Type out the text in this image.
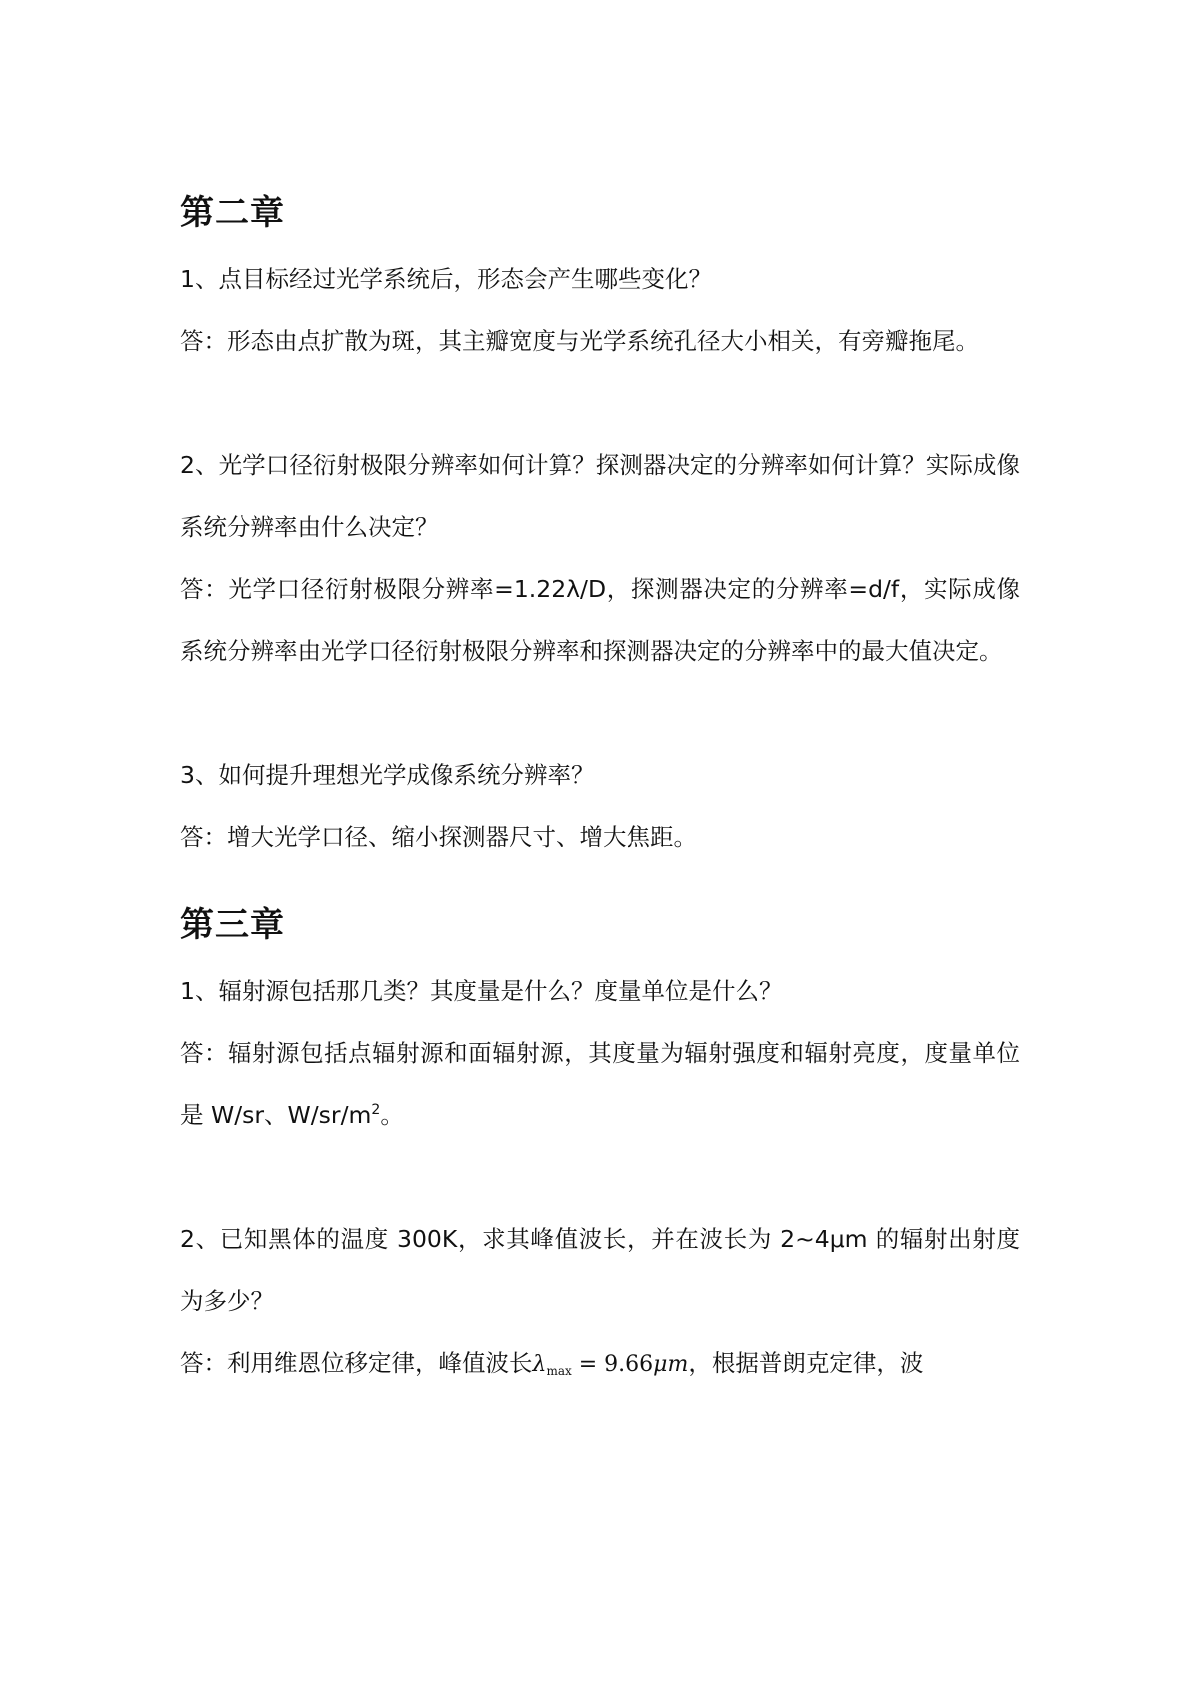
第二章

1、点目标经过光学系统后，形态会产生哪些变化？

答：形态由点扩散为斑，其主瓣宽度与光学系统孔径大小相关，有旁瓣拖尾。

2、光学口径衍射极限分辨率如何计算？探测器决定的分辨率如何计算？实际成像系统分辨率由什么决定？

答：光学口径衍射极限分辨率=1.22λ/D，探测器决定的分辨率=d/f，实际成像系统分辨率由光学口径衍射极限分辨率和探测器决定的分辨率中的最大值决定。

3、如何提升理想光学成像系统分辨率？

答：增大光学口径、缩小探测器尺寸、增大焦距。

第三章

1、辐射源包括那几类？其度量是什么？度量单位是什么？

答：辐射源包括点辐射源和面辐射源，其度量为辐射强度和辐射亮度，度量单位是 W/sr、$W/sr/m^2$。

2、已知黑体的温度 300K，求其峰值波长，并在波长为 2~4μm 的辐射出射度为多少？

答：利用维恩位移定律，峰值波长$\lambda_{max} = 9.66\mu m$，根据普朗克定律，波
